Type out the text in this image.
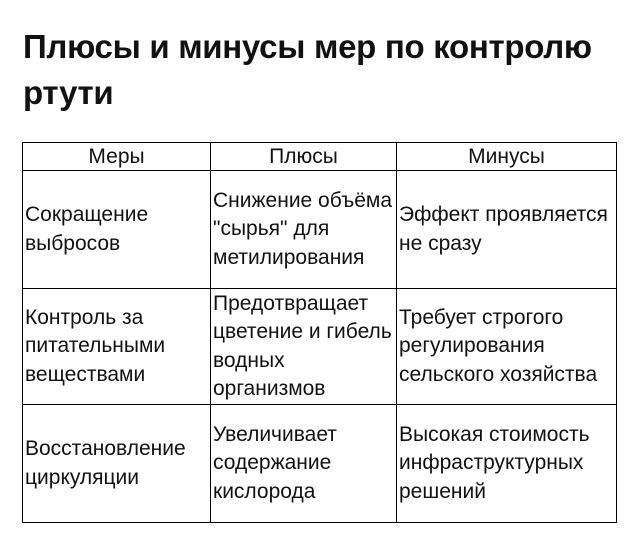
Плюсы и минусы мер по контролю ртути
Меры	Плюсы	Минусы
Сокращение выбросов	Снижение объёма "сырья" для метилирования	Эффект проявляется не сразу
Контроль за питательными веществами	Предотвращает цветение и гибель водных организмов	Требует строгого регулирования сельского хозяйства
Восстановление циркуляции	Увеличивает содержание кислорода	Высокая стоимость инфраструктурных решений
